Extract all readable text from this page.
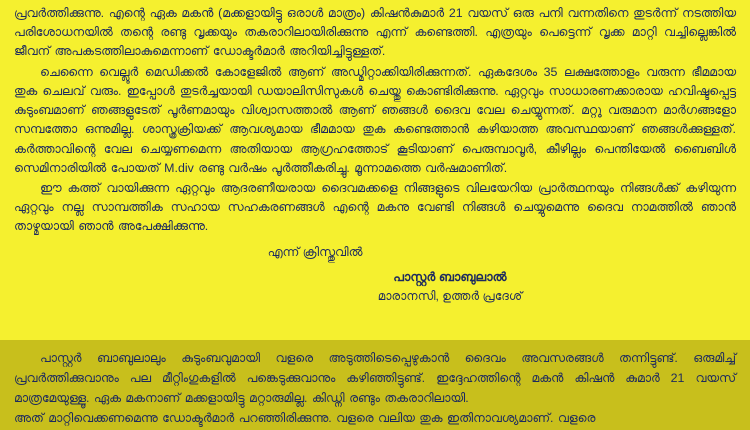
പ്രവർത്തിക്കുന്നു. എന്റെ ഏക മകന്‍ (മക്കളായിട്ടു ഒരാൾ മാത്രം) കിഷൻകുമാർ 21 വയസ് ഒരു പനി വന്നതിനെ തുടർന്ന് നടത്തിയ പരിശോധനയിൽ തന്റെ രണ്ടു വൃക്കയും തകരാറിലായിരിക്കുന്നു എന്ന് കണ്ടെത്തി. എത്രയും പെട്ടെന്ന് വൃക്ക മാറ്റി വച്ചില്ലെങ്കിൽ ജീവന് അപകടത്തിലാകുമെന്നാണ് ഡോക്ടർമാർ അറിയിച്ചിട്ടുള്ളത്.

ചെന്നൈ വെല്ലൂർ മെഡിക്കൽ കോളേജിൽ ആണ് അഡ്മിറ്റാക്കിയിരിക്കുന്നത്. ഏകദേശം 35 ലക്ഷത്തോളം വരുന്ന ഭീമമായ തുക ചെലവ് വരും. ഇപ്പോൾ തുടർച്ചയായി ഡയാലിസിസുകൾ ചെയ്തു കൊണ്ടിരിക്കുന്നു. ഏറ്റവും സാധാരണക്കാരായ ഹവിഷ്ടപ്പെട്ട കുടുംബമാണ് ഞങ്ങളുടേത് പൂർണമായും വിശ്വാസത്താൽ ആണ് ഞങ്ങൾ ദൈവ വേല ചെയ്യുന്നത്. മറ്റു വരുമാന മാർഗങ്ങളോ സമ്പത്തോ ഒന്നുമില്ല. ശാസ്ത്രക്രിയക്ക് ആവശ്യമായ ഭീമമായ തുക കണ്ടെത്താൻ കഴിയാത്ത അവസ്ഥയാണ് ഞങ്ങൾക്കുള്ളത്. കർത്താവിന്റെ വേല ചെയ്യണമെന്ന അതിയായ ആഗ്രഹത്തോട് കൂടിയാണ് പെരുമ്പാവൂർ, കീഴില്ലം പെന്തിയേൽ ബൈബിൾ സെമിനാരിയിൽ പോയത് M.div രണ്ടു വർഷം പൂർത്തീകരിച്ചു. മൂന്നാമത്തെ വർഷമാണിത്.

ഈ കത്ത് വായിക്കുന്ന ഏറ്റവും ആദരണീയരായ ദൈവമക്കളെ നിങ്ങളുടെ വിലയേറിയ പ്രാർത്ഥനയും നിങ്ങൾക്ക് കഴിയുന്ന ഏറ്റവും നല്ല സാമ്പത്തിക സഹായ സഹകരണങ്ങൾ എന്റെ മകനു വേണ്ടി നിങ്ങൾ ചെയ്യുമെന്നു ദൈവ നാമത്തിൽ ഞാൻ താഴ്മയായി ഞാൻ അപേക്ഷിക്കുന്നു.

എന്ന് ക്രിസ്തുവിൽ

പാസ്റ്റർ ബാബുലാൽ

മാരാനസി, ഉത്തർ പ്രദേശ്

പാസ്റ്റർ ബാബുലാലും കുടുംബവുമായി വളരെ അടുത്തിടെപ്പെഴുകാൻ ദൈവം അവസരങ്ങൾ തന്നിട്ടുണ്ട്. ഒരുമിച്ച് പ്രവർത്തിക്കുവാനും പല മീറ്റിംഗുകളിൽ പങ്കെടുക്കുവാനും കഴിഞ്ഞിട്ടുണ്ട്. ഇദ്ദേഹത്തിന്റെ മകൻ കിഷൻ കുമാർ 21 വയസ് മാത്രമേയുള്ളൂ. ഏക മകനാണ് മക്കളായിട്ടു മറ്റാരുമില്ല. കിഡ്നി രണ്ടും തകരാറിലായി.

അത് മാറ്റിവെക്കണമെന്നു ഡോക്ടർമാർ പറഞ്ഞിരിക്കുന്നു. വളരെ വലിയ തുക ഇതിനാവശ്യമാണ്. വളരെ
